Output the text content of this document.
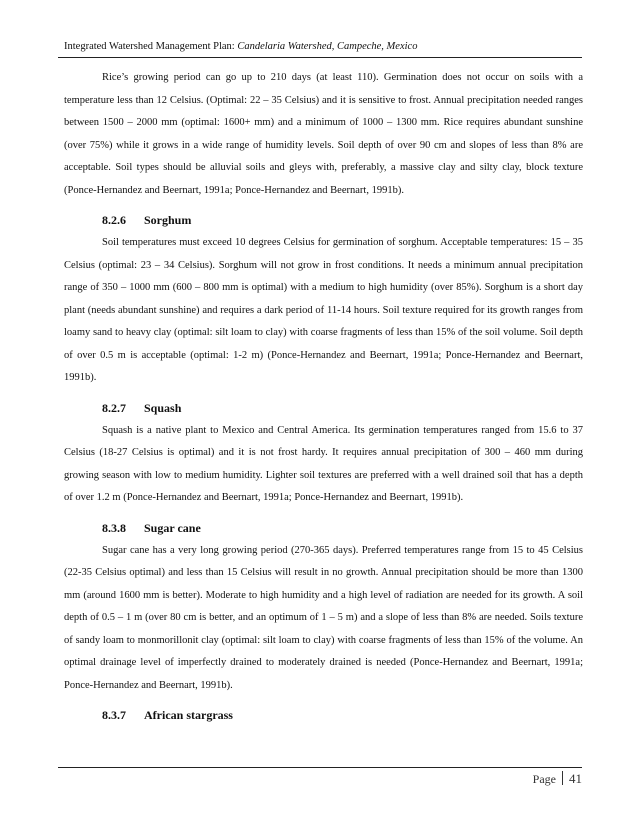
Integrated Watershed Management Plan: Candelaria Watershed, Campeche, Mexico

Rice’s growing period can go up to 210 days (at least 110). Germination does not occur on soils with a temperature less than 12 Celsius. (Optimal: 22 – 35 Celsius) and it is sensitive to frost. Annual precipitation needed ranges between 1500 – 2000 mm (optimal: 1600+ mm) and a minimum of 1000 – 1300 mm. Rice requires abundant sunshine (over 75%) while it grows in a wide range of humidity levels. Soil depth of over 90 cm and slopes of less than 8% are acceptable. Soil types should be alluvial soils and gleys with, preferably, a massive clay and silty clay, block texture (Ponce-Hernandez and Beernart, 1991a; Ponce-Hernandez and Beernart, 1991b).

8.2.6 Sorghum

Soil temperatures must exceed 10 degrees Celsius for germination of sorghum. Acceptable temperatures: 15 – 35 Celsius (optimal: 23 – 34 Celsius). Sorghum will not grow in frost conditions. It needs a minimum annual precipitation range of 350 – 1000 mm (600 – 800 mm is optimal) with a medium to high humidity (over 85%). Sorghum is a short day plant (needs abundant sunshine) and requires a dark period of 11-14 hours. Soil texture required for its growth ranges from loamy sand to heavy clay (optimal: silt loam to clay) with coarse fragments of less than 15% of the soil volume. Soil depth of over 0.5 m is acceptable (optimal: 1-2 m) (Ponce-Hernandez and Beernart, 1991a; Ponce-Hernandez and Beernart, 1991b).

8.2.7 Squash

Squash is a native plant to Mexico and Central America. Its germination temperatures ranged from 15.6 to 37 Celsius (18-27 Celsius is optimal) and it is not frost hardy. It requires annual precipitation of 300 – 460 mm during growing season with low to medium humidity. Lighter soil textures are preferred with a well drained soil that has a depth of over 1.2 m (Ponce-Hernandez and Beernart, 1991a; Ponce-Hernandez and Beernart, 1991b).

8.3.8 Sugar cane

Sugar cane has a very long growing period (270-365 days). Preferred temperatures range from 15 to 45 Celsius (22-35 Celsius optimal) and less than 15 Celsius will result in no growth. Annual precipitation should be more than 1300 mm (around 1600 mm is better). Moderate to high humidity and a high level of radiation are needed for its growth. A soil depth of 0.5 – 1 m (over 80 cm is better, and an optimum of 1 – 5 m) and a slope of less than 8% are needed. Soils texture of sandy loam to monmorillonit clay (optimal: silt loam to clay) with coarse fragments of less than 15% of the volume. An optimal drainage level of imperfectly drained to moderately drained is needed (Ponce-Hernandez and Beernart, 1991a; Ponce-Hernandez and Beernart, 1991b).

8.3.7 African stargrass
Page 41
